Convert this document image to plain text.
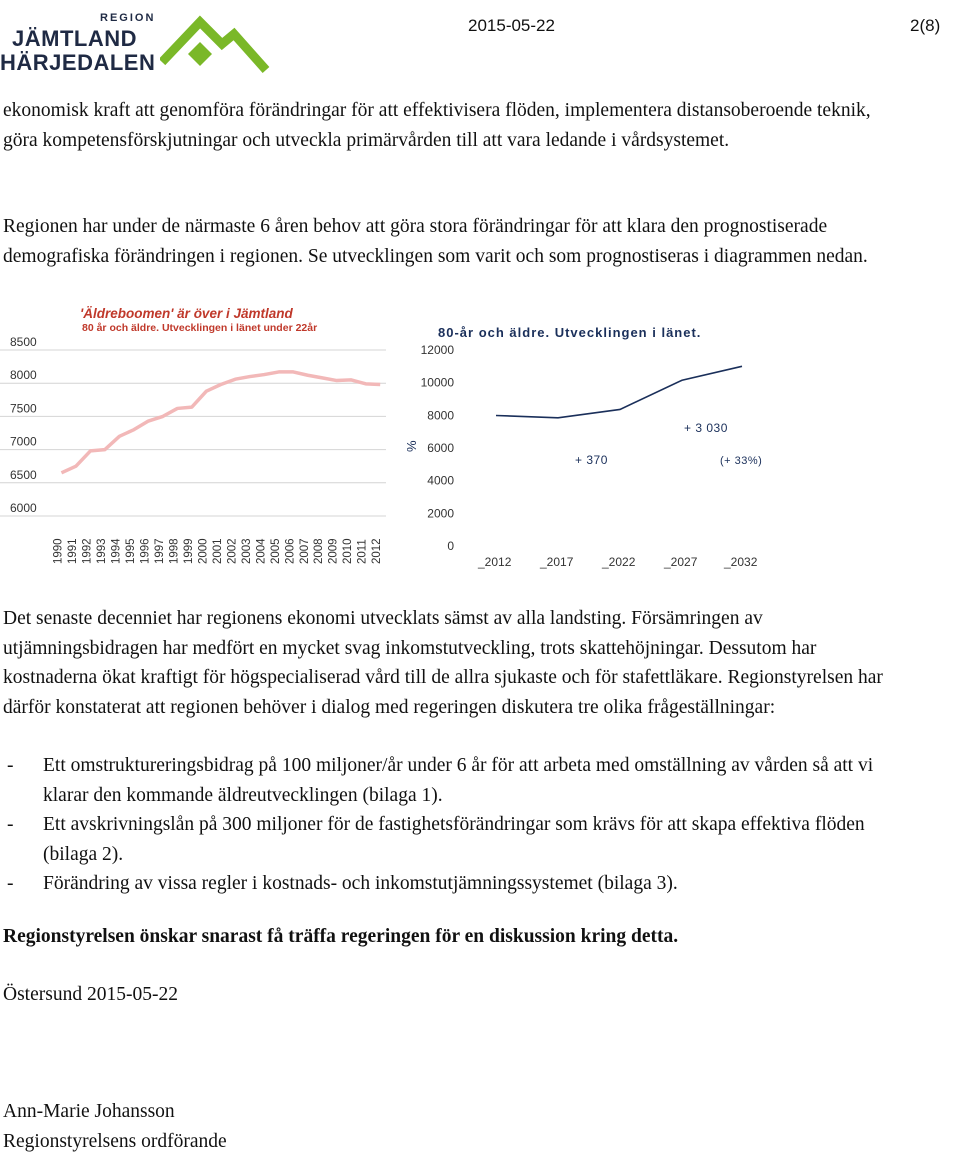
REGION
JÄMTLAND
HÄRJEDALEN
2015-05-22	2(8)

ekonomisk kraft att genomföra förändringar för att effektivisera flöden, implementera distansoberoende teknik, göra kompetensförskjutningar och utveckla primärvården till att vara ledande i vårdsystemet.

Regionen har under de närmaste 6 åren behov att göra stora förändringar för att klara den prognostiserade demografiska förändringen i regionen. Se utvecklingen som varit och som prognostiseras i diagrammen nedan.

'Äldreboomen' är över i Jämtland
80 år och äldre. Utvecklingen i länet under 22år
8500
8000
7500
7000
6500
6000
1990 1991 1992 1993 1994 1995 1996 1997 1998 1999 2000 2001 2002 2003 2004 2005 2006 2007 2008 2009 2010 2011 2012
80-år och äldre. Utvecklingen i länet.
%
12000
10000
8000
6000
4000
2000
0
_2012 _2017 _2022 _2027 _2032
+ 370
+ 3 030
(+ 33%)

Det senaste decenniet har regionens ekonomi utvecklats sämst av alla landsting. Försämringen av utjämningsbidragen har medfört en mycket svag inkomstutveckling, trots skattehöjningar. Dessutom har kostnaderna ökat kraftigt för högspecialiserad vård till de allra sjukaste och för stafettläkare. Regionstyrelsen har därför konstaterat att regionen behöver i dialog med regeringen diskutera tre olika frågeställningar:

- Ett omstruktureringsbidrag på 100 miljoner/år under 6 år för att arbeta med omställning av vården så att vi klarar den kommande äldreutvecklingen (bilaga 1).
- Ett avskrivningslån på 300 miljoner för de fastighetsförändringar som krävs för att skapa effektiva flöden (bilaga 2).
- Förändring av vissa regler i kostnads- och inkomstutjämningssystemet (bilaga 3).
Regionstyrelsen önskar snarast få träffa regeringen för en diskussion kring detta.
Östersund 2015-05-22
Ann-Marie Johansson
Regionstyrelsens ordförande
